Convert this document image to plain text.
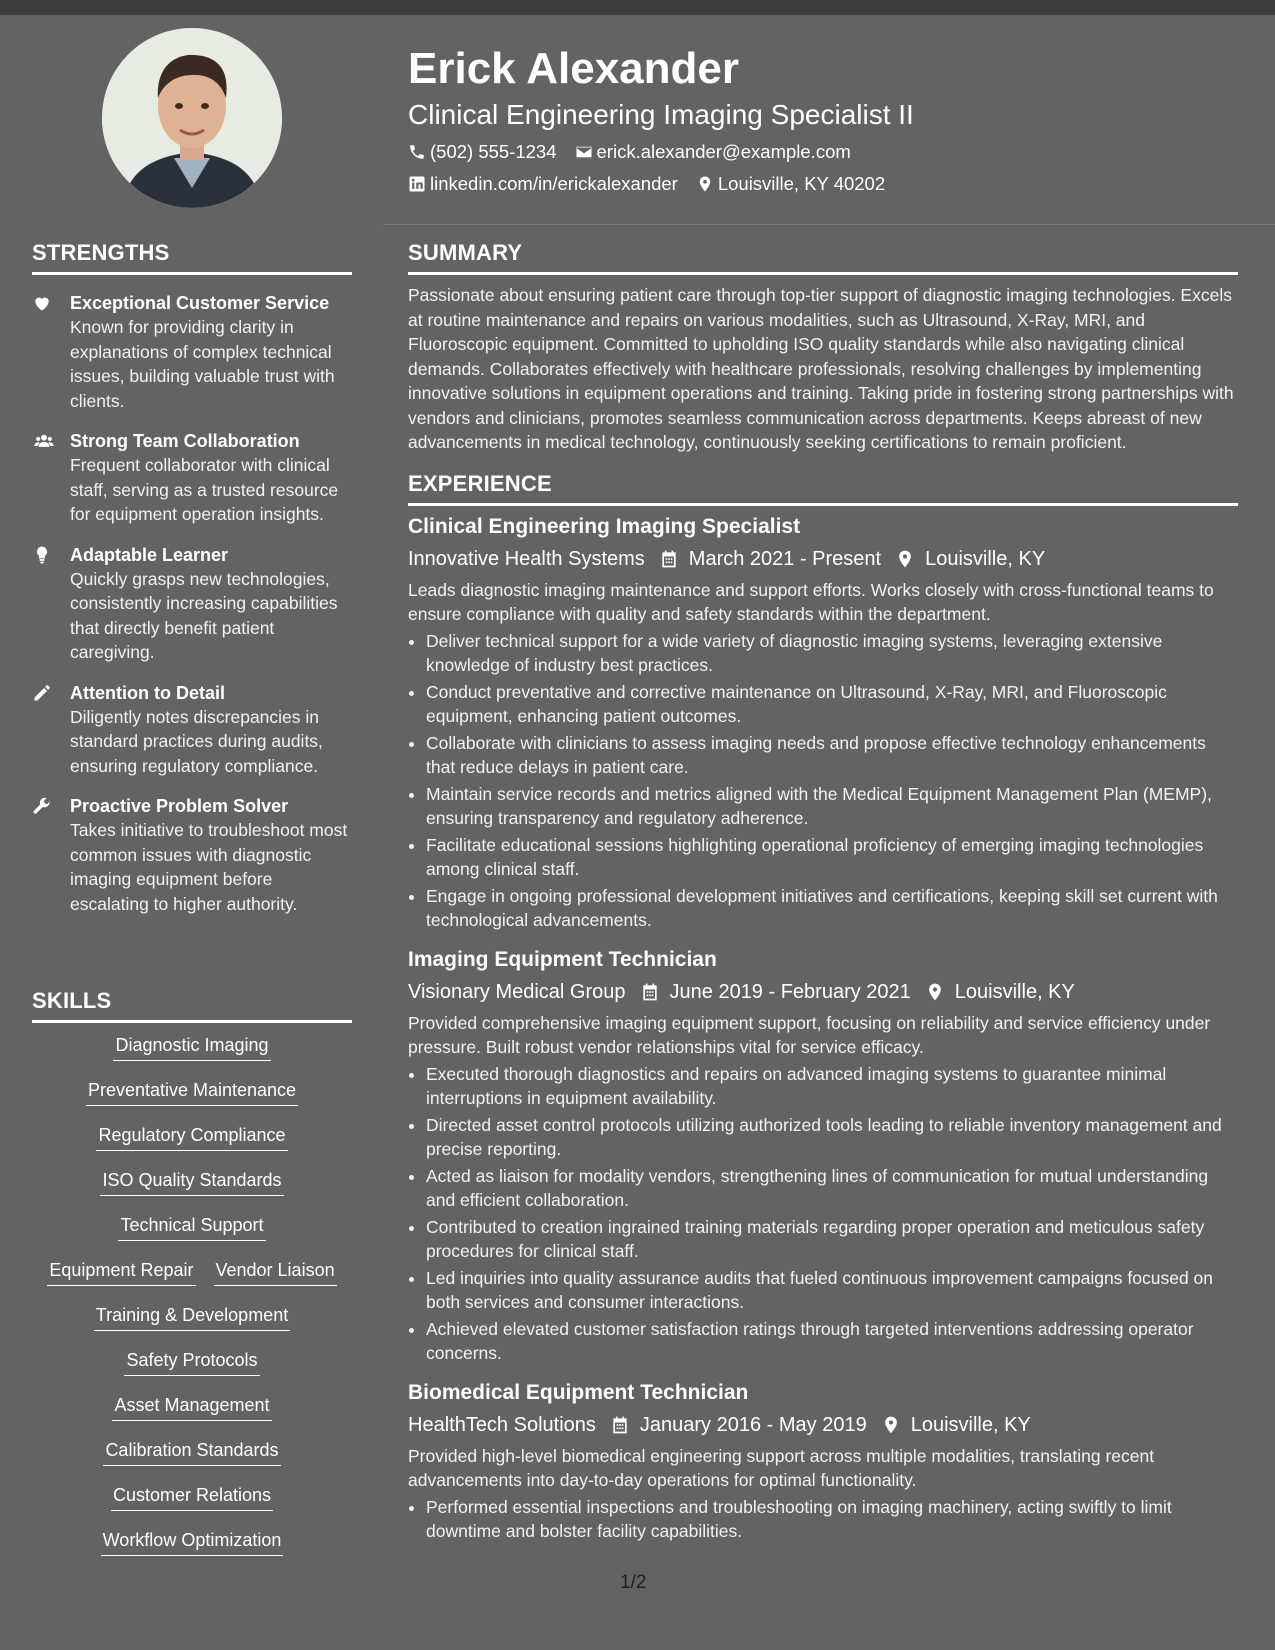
Erick Alexander
Clinical Engineering Imaging Specialist II
(502) 555-1234 erick.alexander@example.com
linkedin.com/in/erickalexander Louisville, KY 40202
STRENGTHS
Exceptional Customer Service
Known for providing clarity in explanations of complex technical issues, building valuable trust with clients.
Strong Team Collaboration
Frequent collaborator with clinical staff, serving as a trusted resource for equipment operation insights.
Adaptable Learner
Quickly grasps new technologies, consistently increasing capabilities that directly benefit patient caregiving.
Attention to Detail
Diligently notes discrepancies in standard practices during audits, ensuring regulatory compliance.
Proactive Problem Solver
Takes initiative to troubleshoot most common issues with diagnostic imaging equipment before escalating to higher authority.
SKILLS
Diagnostic Imaging
Preventative Maintenance
Regulatory Compliance
ISO Quality Standards
Technical Support
Equipment Repair Vendor Liaison
Training & Development
Safety Protocols
Asset Management
Calibration Standards
Customer Relations
Workflow Optimization
SUMMARY
Passionate about ensuring patient care through top-tier support of diagnostic imaging technologies. Excels at routine maintenance and repairs on various modalities, such as Ultrasound, X-Ray, MRI, and Fluoroscopic equipment. Committed to upholding ISO quality standards while also navigating clinical demands. Collaborates effectively with healthcare professionals, resolving challenges by implementing innovative solutions in equipment operations and training. Taking pride in fostering strong partnerships with vendors and clinicians, promotes seamless communication across departments. Keeps abreast of new advancements in medical technology, continuously seeking certifications to remain proficient.
EXPERIENCE
Clinical Engineering Imaging Specialist
Innovative Health Systems March 2021 - Present Louisville, KY
Leads diagnostic imaging maintenance and support efforts. Works closely with cross-functional teams to ensure compliance with quality and safety standards within the department.
• Deliver technical support for a wide variety of diagnostic imaging systems, leveraging extensive knowledge of industry best practices.
• Conduct preventative and corrective maintenance on Ultrasound, X-Ray, MRI, and Fluoroscopic equipment, enhancing patient outcomes.
• Collaborate with clinicians to assess imaging needs and propose effective technology enhancements that reduce delays in patient care.
• Maintain service records and metrics aligned with the Medical Equipment Management Plan (MEMP), ensuring transparency and regulatory adherence.
• Facilitate educational sessions highlighting operational proficiency of emerging imaging technologies among clinical staff.
• Engage in ongoing professional development initiatives and certifications, keeping skill set current with technological advancements.
Imaging Equipment Technician
Visionary Medical Group June 2019 - February 2021 Louisville, KY
Provided comprehensive imaging equipment support, focusing on reliability and service efficiency under pressure. Built robust vendor relationships vital for service efficacy.
• Executed thorough diagnostics and repairs on advanced imaging systems to guarantee minimal interruptions in equipment availability.
• Directed asset control protocols utilizing authorized tools leading to reliable inventory management and precise reporting.
• Acted as liaison for modality vendors, strengthening lines of communication for mutual understanding and efficient collaboration.
• Contributed to creation ingrained training materials regarding proper operation and meticulous safety procedures for clinical staff.
• Led inquiries into quality assurance audits that fueled continuous improvement campaigns focused on both services and consumer interactions.
• Achieved elevated customer satisfaction ratings through targeted interventions addressing operator concerns.
Biomedical Equipment Technician
HealthTech Solutions January 2016 - May 2019 Louisville, KY
Provided high-level biomedical engineering support across multiple modalities, translating recent advancements into day-to-day operations for optimal functionality.
• Performed essential inspections and troubleshooting on imaging machinery, acting swiftly to limit downtime and bolster facility capabilities.
1/2
